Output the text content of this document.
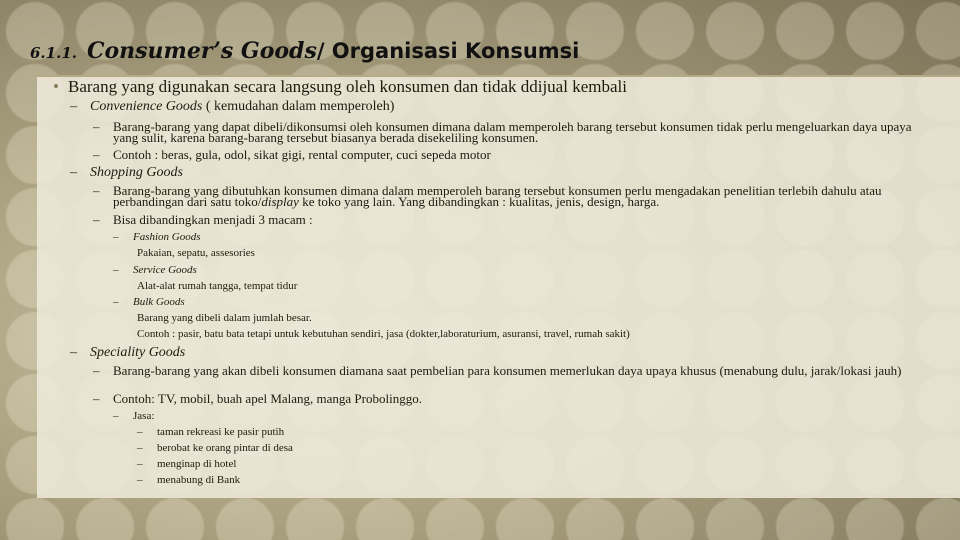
6.1.1. Consumer’s Goods/ Organisasi Konsumsi
• Barang yang digunakan secara langsung oleh konsumen dan tidak ddijual kembali
– Convenience Goods ( kemudahan dalam memperoleh)
–	Barang-barang yang dapat dibeli/dikonsumsi oleh konsumen dimana dalam memperoleh barang tersebut konsumen tidak perlu mengeluarkan daya upaya yang sulit, karena barang-barang tersebut biasanya berada disekeliling konsumen.
– Contoh : beras, gula, odol, sikat gigi, rental computer, cuci sepeda motor
– Shopping Goods
–	Barang-barang yang dibutuhkan konsumen dimana dalam memperoleh barang tersebut konsumen perlu mengadakan penelitian terlebih dahulu atau perbandingan dari satu toko/display ke toko yang lain. Yang dibandingkan : kualitas, jenis, design, harga.
– Bisa dibandingkan menjadi 3 macam :
– Fashion Goods
Pakaian, sepatu, assesories
– Service Goods
Alat-alat rumah tangga, tempat tidur
– Bulk Goods
Barang yang dibeli dalam jumlah besar.
Contoh : pasir, batu bata tetapi untuk kebutuhan sendiri, jasa (dokter,laboraturium, asuransi, travel, rumah sakit)
– Speciality Goods
–	Barang-barang yang akan dibeli konsumen diamana saat pembelian para konsumen memerlukan daya upaya khusus (menabung dulu, jarak/lokasi jauh)
– Contoh: TV, mobil, buah apel Malang, manga Probolinggo.
– Jasa:
– taman rekreasi ke pasir putih
– berobat ke orang pintar di desa
– menginap di hotel
– menabung di Bank
